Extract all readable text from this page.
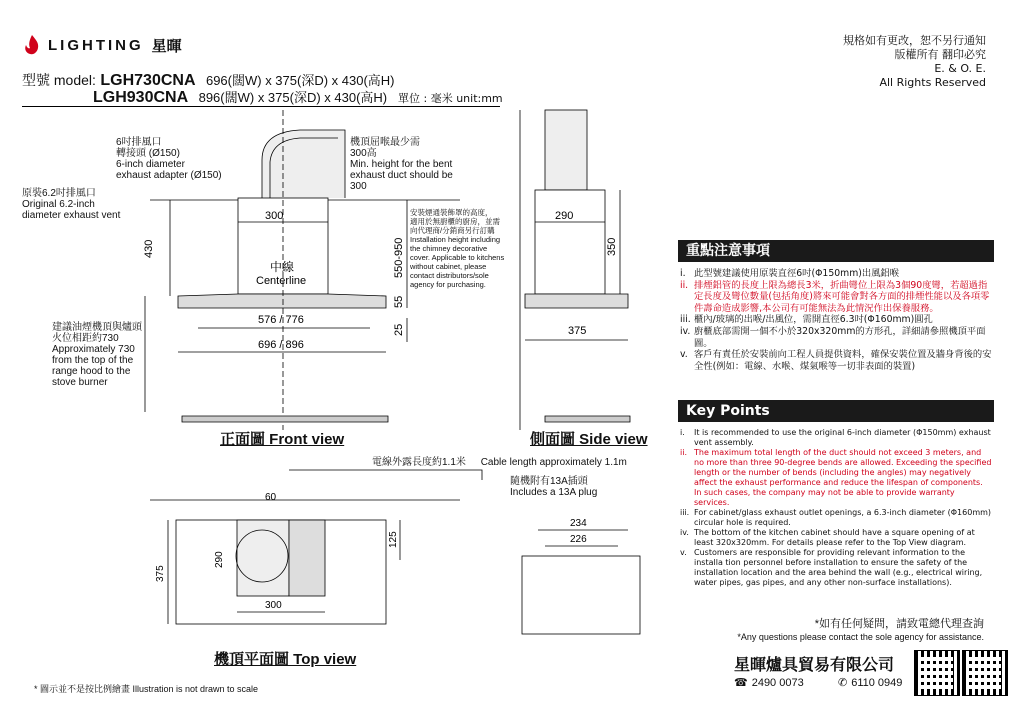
LIGHTING 星暉
型號 model: LGH730CNA 696(闊W) x 375(深D) x 430(高H)
LGH930CNA 896(闊W) x 375(深D) x 430(高H) 單位 : 毫米 unit:mm
規格如有更改，恕不另行通知
版權所有 翻印必究
E. & O. E.
All Rights Reserved
300
430	550-950
55
25
中線
Centerline
576 / 776
696 / 896
290
350
375
60
125
290
375
300
234
226
6吋排風口
轉接頭 (Ø150)
6-inch diameter
exhaust adapter (Ø150)
原裝6.2吋排風口
Original 6.2-inch
diameter exhaust vent
機頂屈喉最少需
300高
Min. height for the bent
exhaust duct should be
300
安裝煙通裝飾罩的高度，
適用於無廚櫃的廚房，並需
向代理商/分銷商另行訂購
Installation height including
the chimney decorative
cover. Applicable to kitchens
without cabinet, please
contact distributors/sole
agency for purchasing.
建議油煙機頂與爐頭
火位相距約730
Approximately 730
from the top of the
range hood to the
stove burner
正面圖 Front view	側面圖 Side view
機頂平面圖 Top view
電線外露長度約1.1米 Cable length approximately 1.1m
隨機附有13A插頭
Includes a 13A plug
重點注意事項
i. 此型號建議使用原裝直徑6吋(Φ150mm)出風鋁喉
ii. 排煙鋁管的長度上限為總長3米，折曲彎位上限為3個90度彎，若超過指定長度及彎位數量(包括角度)將來可能會對各方面的排煙性能以及各項零件壽命造成影響,本公司有可能無法為此情況作出保養服務。
iii. 櫃內/玻璃的出喉/出風位，需開直徑6.3吋(Φ160mm)圓孔
iv. 廚櫃底部需開一個不小於320x320mm的方形孔，詳細請參照機頂平面圖。
v. 客戶有責任於安裝前向工程人員提供資料，確保安裝位置及牆身背後的安全性(例如：電線、水喉、煤氣喉等一切非表面的裝置)
Key Points
i.	It is recommended to use the original 6-inch diameter (Φ150mm) exhaust vent assembly.
ii. The maximum total length of the duct should not exceed 3 meters, and no more than three 90-degree bends are allowed. Exceeding the specified length or the number of bends (including the angles) may negatively affect the exhaust performance and reduce the lifespan of components. In such cases, the company may not be able to provide warranty services.
iii. For cabinet/glass exhaust outlet openings, a 6.3-inch diameter (Φ160mm) circular hole is required.
iv. The bottom of the kitchen cabinet should have a square opening of at least 320x320mm. For details please refer to the Top View diagram.
v. Customers are responsible for providing relevant information to the installa tion personnel before installation to ensure the safety of the installation location and the area behind the wall (e.g., electrical wiring, water pipes, gas pipes, and any other non-surface installations).
*如有任何疑問，請致電總代理查詢
*Any questions please contact the sole agency for assistance.
星暉爐具貿易有限公司
☎ 2490 0073	✆ 6110 0949
* 圖示並不是按比例繪畫 Illustration is not drawn to scale
